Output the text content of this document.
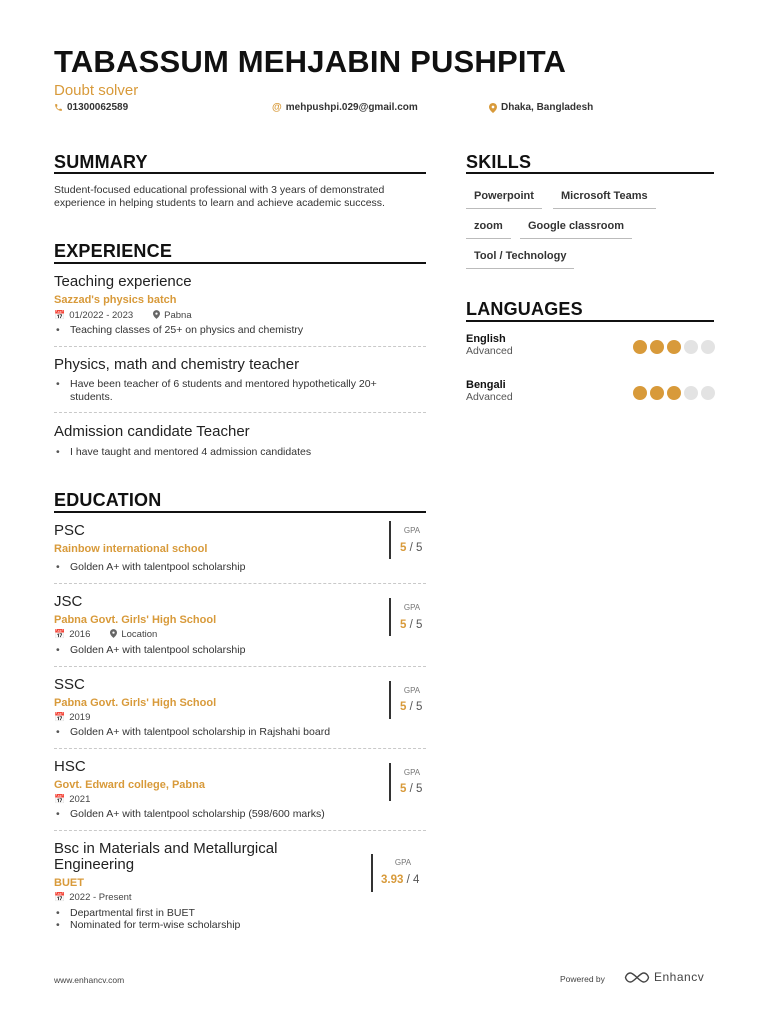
TABASSUM MEHJABIN PUSHPITA
Doubt solver
01300062589	@ mehpushpi.029@gmail.com	Dhaka, Bangladesh
SUMMARY
Student-focused educational professional with 3 years of demonstrated experience in helping students to learn and achieve academic success.
EXPERIENCE
Teaching experience
Sazzad's physics batch
📅 01/2022 - 2023	Pabna
• Teaching classes of 25+ on physics and chemistry
Physics, math and chemistry teacher
• Have been teacher of 6 students and mentored hypothetically 20+ students.
Admission candidate Teacher
• I have taught and mentored 4 admission candidates
EDUCATION
PSC
Rainbow international school
• Golden A+ with talentpool scholarship
GPA
5 / 5
JSC
Pabna Govt. Girls' High School
📅 2016	Location
• Golden A+ with talentpool scholarship
GPA
5 / 5
SSC
Pabna Govt. Girls' High School
📅 2019
• Golden A+ with talentpool scholarship in Rajshahi board
GPA
5 / 5
HSC
Govt. Edward college, Pabna
📅 2021
• Golden A+ with talentpool scholarship (598/600 marks)
GPA
5 / 5
Bsc in Materials and Metallurgical
Engineering
BUET
📅 2022 - Present
• Departmental first in BUET
• Nominated for term-wise scholarship
GPA
3.93 / 4
SKILLS
Powerpoint	Microsoft Teams
zoom	Google classroom
Tool / Technology
LANGUAGES
English
Advanced
Bengali
Advanced
www.enhancv.com	Powered by	Enhancv
